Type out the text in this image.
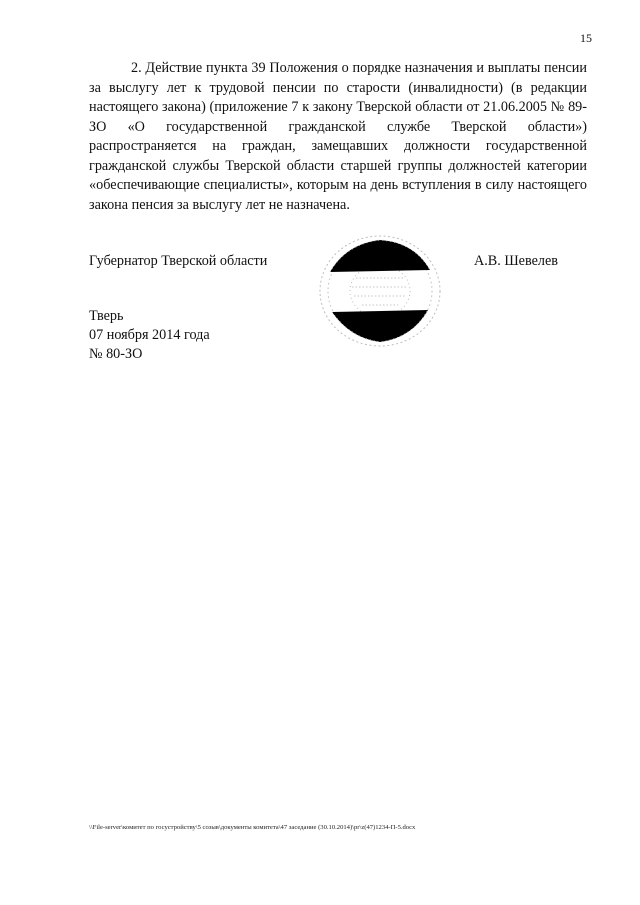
15

2. Действие пункта 39 Положения о порядке назначения и выплаты пенсии за выслугу лет к трудовой пенсии по старости (инвалидности) (в редакции настоящего закона) (приложение 7 к закону Тверской области от 21.06.2005 № 89-ЗО «О государственной гражданской службе Тверской области») распространяется на граждан, замещавших должности государственной гражданской службы Тверской области старшей группы должностей категории «обеспечивающие специалисты», которым на день вступления в силу настоящего закона пенсия за выслугу лет не назначена.

Губернатор Тверской области	А.В. Шевелев
Тверь
07 ноября 2014 года
№ 80-ЗО
\\File-server\комитет по госустройству\5 созыв\документы комитета\47 заседание (30.10.2014)\pr\z(47)1234-П-5.docx
